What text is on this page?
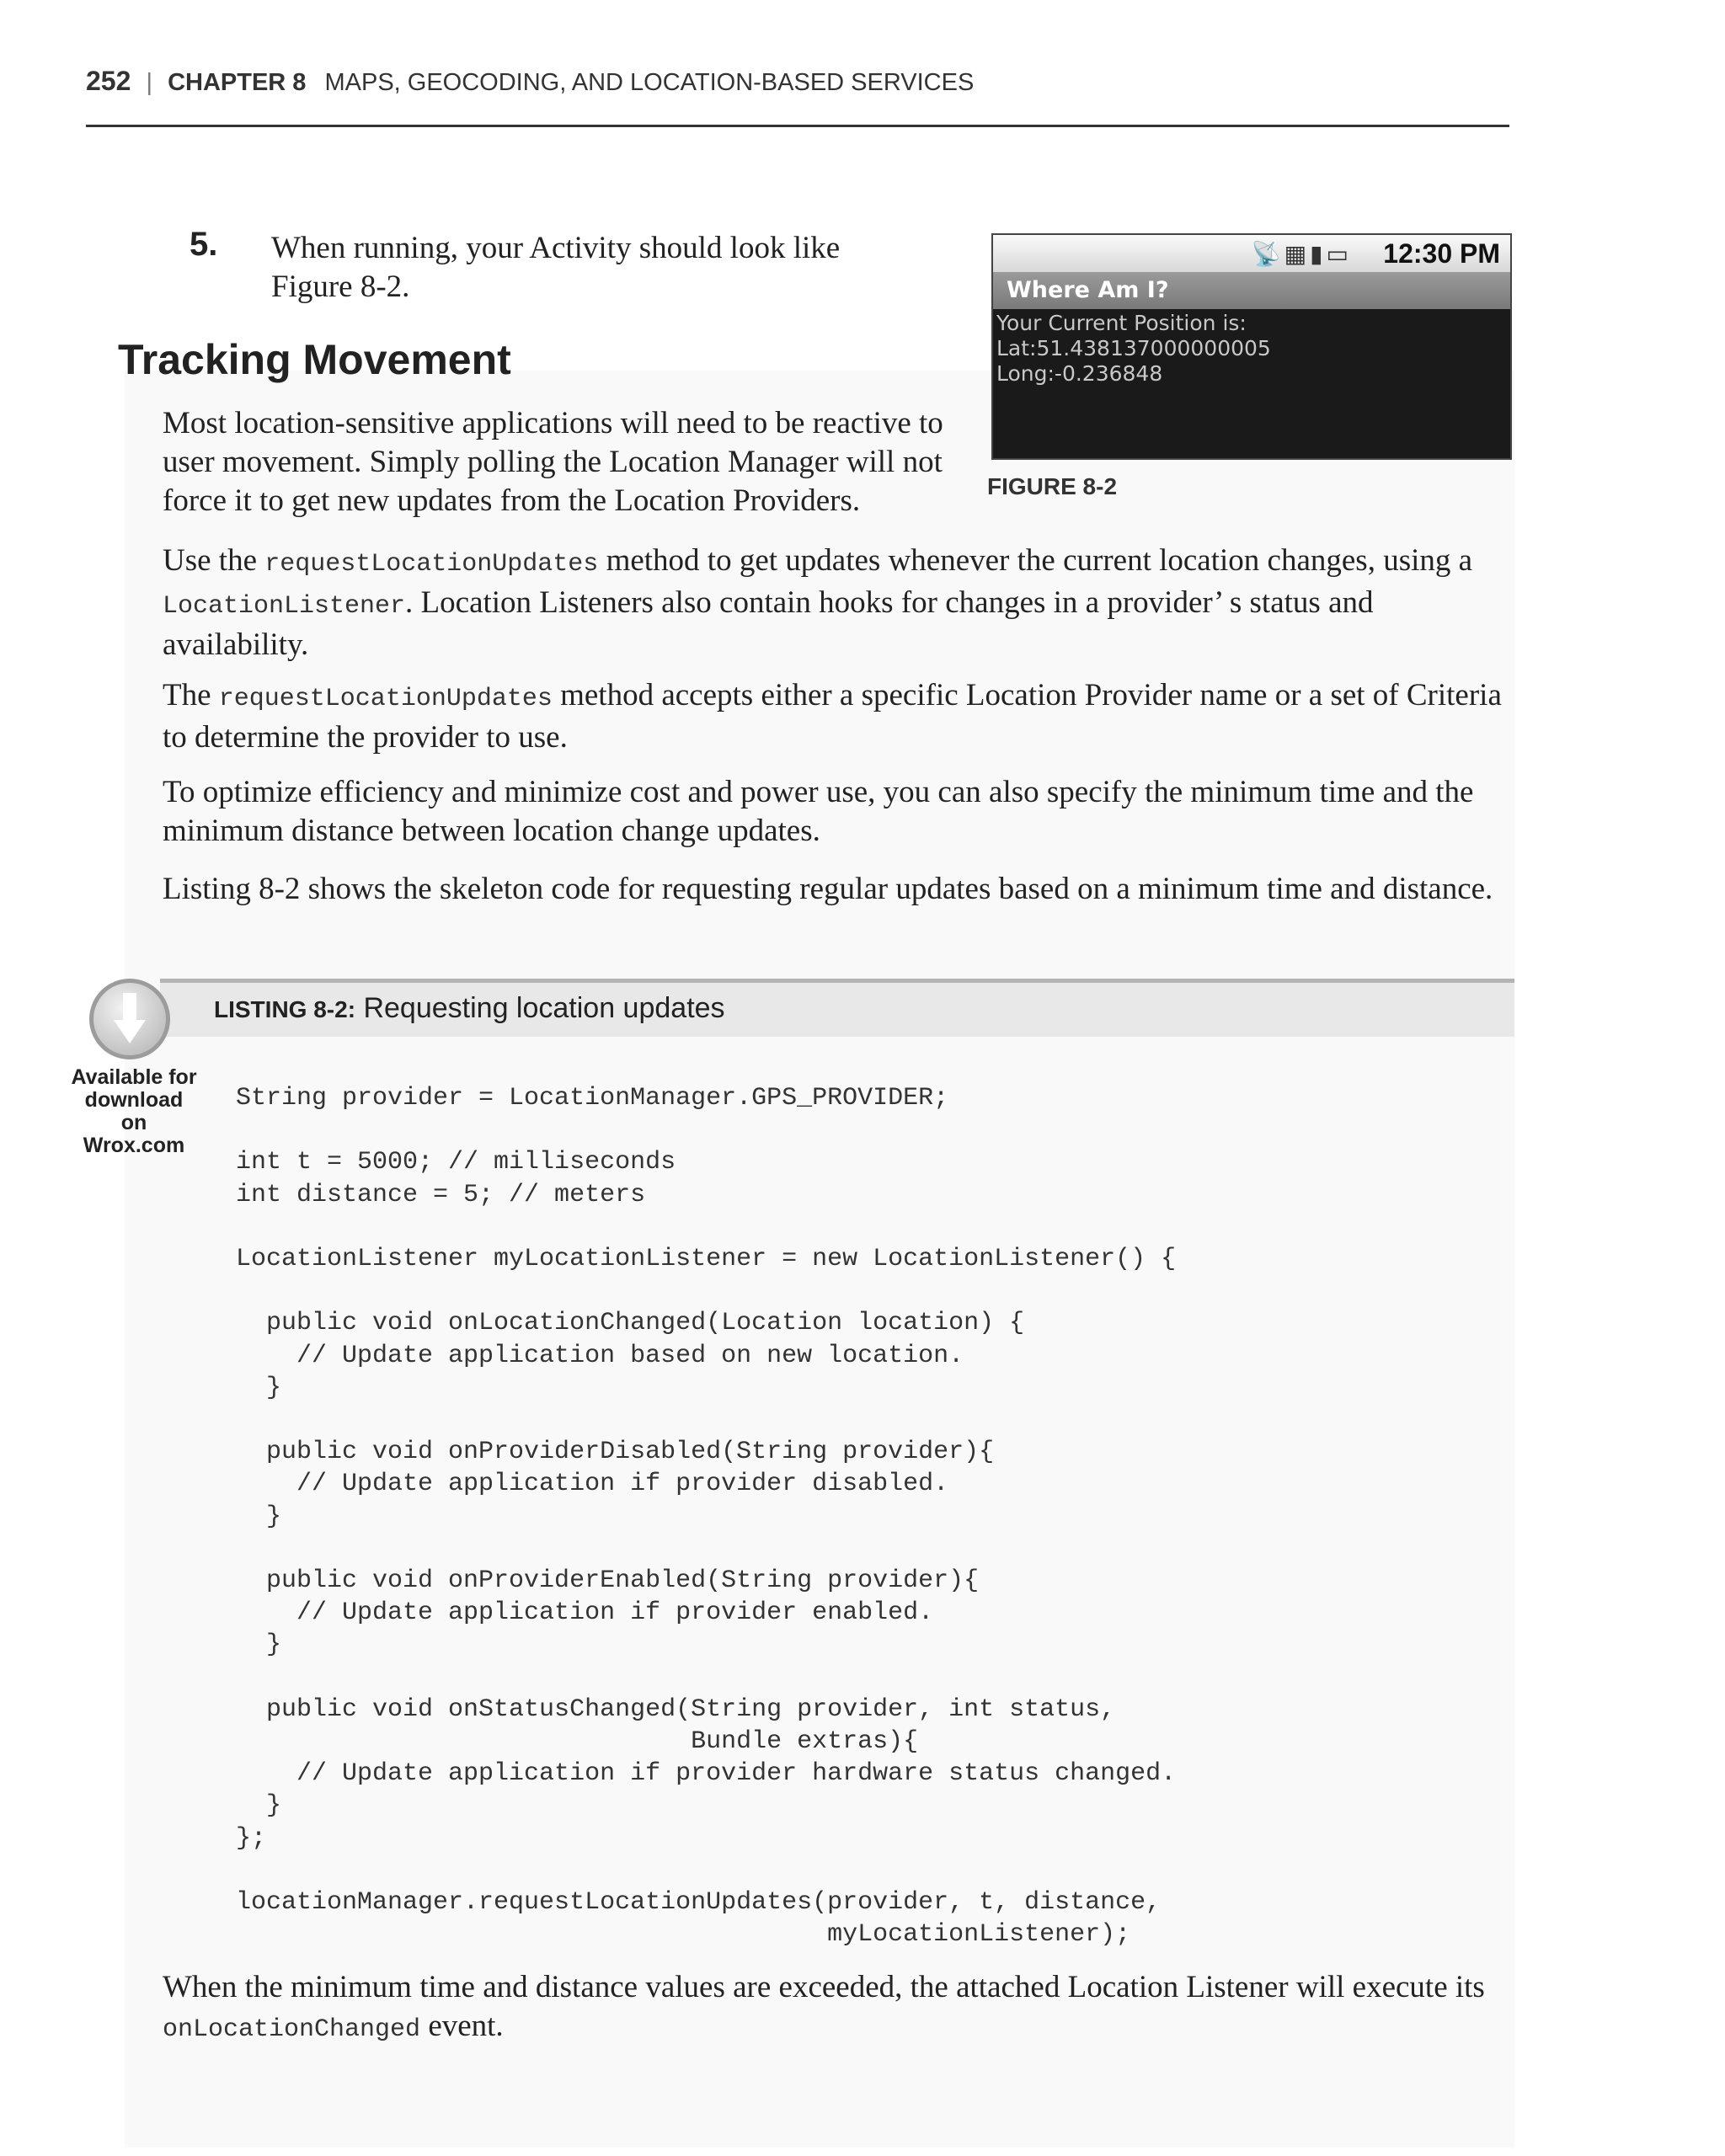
252 | CHAPTER 8 MAPS, GEOCODING, AND LOCATION-BASED SERVICES
5. When running, your Activity should look like Figure 8-2.
Tracking Movement
Most location-sensitive applications will need to be reactive to user movement. Simply polling the Location Manager will not force it to get new updates from the Location Providers.
📡▦▮▭ 12:30 PM
Where Am I?
Your Current Position is:
Lat:51.438137000000005
Long:-0.236848
FIGURE 8-2
Use the requestLocationUpdates method to get updates whenever the current location changes, using a LocationListener. Location Listeners also contain hooks for changes in a provider’ s status and availability.
The requestLocationUpdates method accepts either a specific Location Provider name or a set of Criteria to determine the provider to use.
To optimize efficiency and minimize cost and power use, you can also specify the minimum time and the minimum distance between location change updates.
Listing 8-2 shows the skeleton code for requesting regular updates based on a minimum time and distance.
LISTING 8-2: Requesting location updates
Available for download on Wrox.com
String provider = LocationManager.GPS_PROVIDER;

int t = 5000; // milliseconds
int distance = 5; // meters

LocationListener myLocationListener = new LocationListener() {

public void onLocationChanged(Location location) {
// Update application based on new location.
}

public void onProviderDisabled(String provider){
// Update application if provider disabled.
}

public void onProviderEnabled(String provider){
// Update application if provider enabled.
}

public void onStatusChanged(String provider, int status,
Bundle extras){
// Update application if provider hardware status changed.
}
};

locationManager.requestLocationUpdates(provider, t, distance,
myLocationListener);
When the minimum time and distance values are exceeded, the attached Location Listener will execute its onLocationChanged event.
